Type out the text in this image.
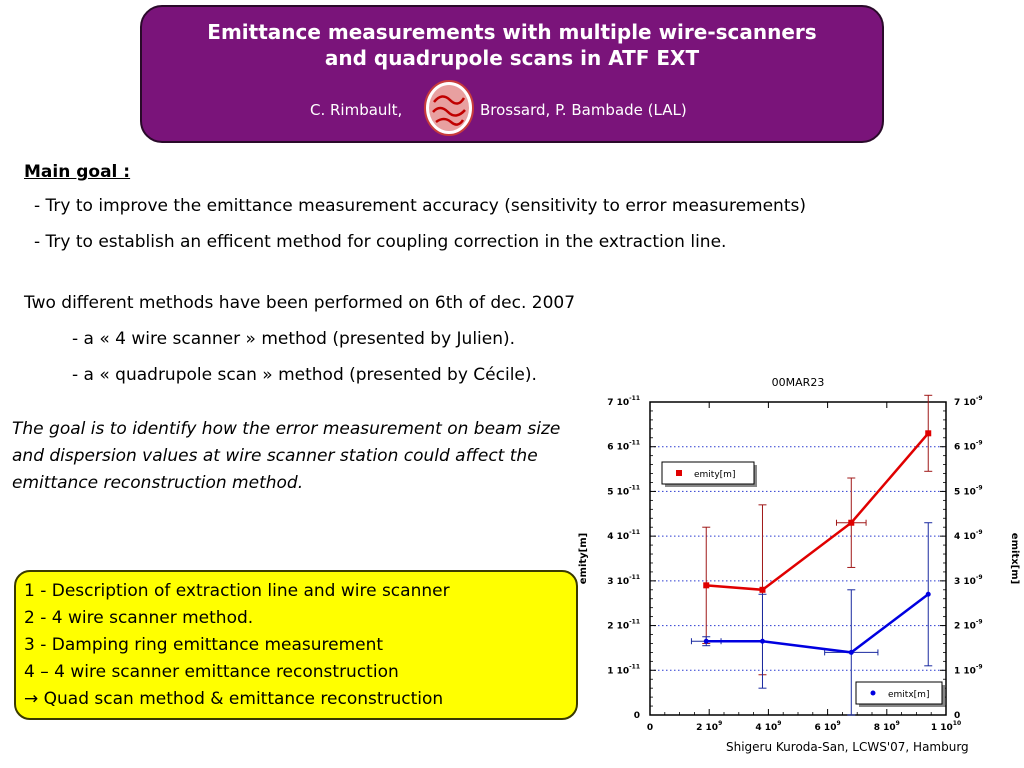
Emittance measurements with multiple wire-scanners
and quadrupole scans in ATF EXT
C. Rimbault,	Brossard, P. Bambade (LAL)
Main goal :
- Try to improve the emittance measurement accuracy (sensitivity to error measurements)
- Try to establish an efficent method for coupling correction in the extraction line.
Two different methods have been performed on 6th of dec. 2007
- a « 4 wire scanner » method (presented by Julien).
- a « quadrupole scan » method (presented by Cécile).
The goal is to identify how the error measurement on beam size and dispersion values at wire scanner station could affect the emittance reconstruction method.
1 - Description of extraction line and wire scanner
2 - 4 wire scanner method.
3 - Damping ring emittance measurement
4 – 4 wire scanner emittance reconstruction
→ Quad scan method & emittance reconstruction
00MAR23
0	0
1 $10^{-11}$	1 $10^{-9}$
2 $10^{-11}$	2 $10^{-9}$
3 $10^{-11}$	3 $10^{-9}$
4 $10^{-11}$	4 $10^{-9}$
5 $10^{-11}$	5 $10^{-9}$
6 $10^{-11}$	6 $10^{-9}$
7 $10^{-11}$	7 $10^{-9}$
0	2 $10^9$	4 $10^9$	6 $10^9$	8 $10^9$	1 $10^{10}$
emity[m]	emitx[m]
emity[m]
emitx[m]
Shigeru Kuroda-San, LCWS'07, Hamburg
